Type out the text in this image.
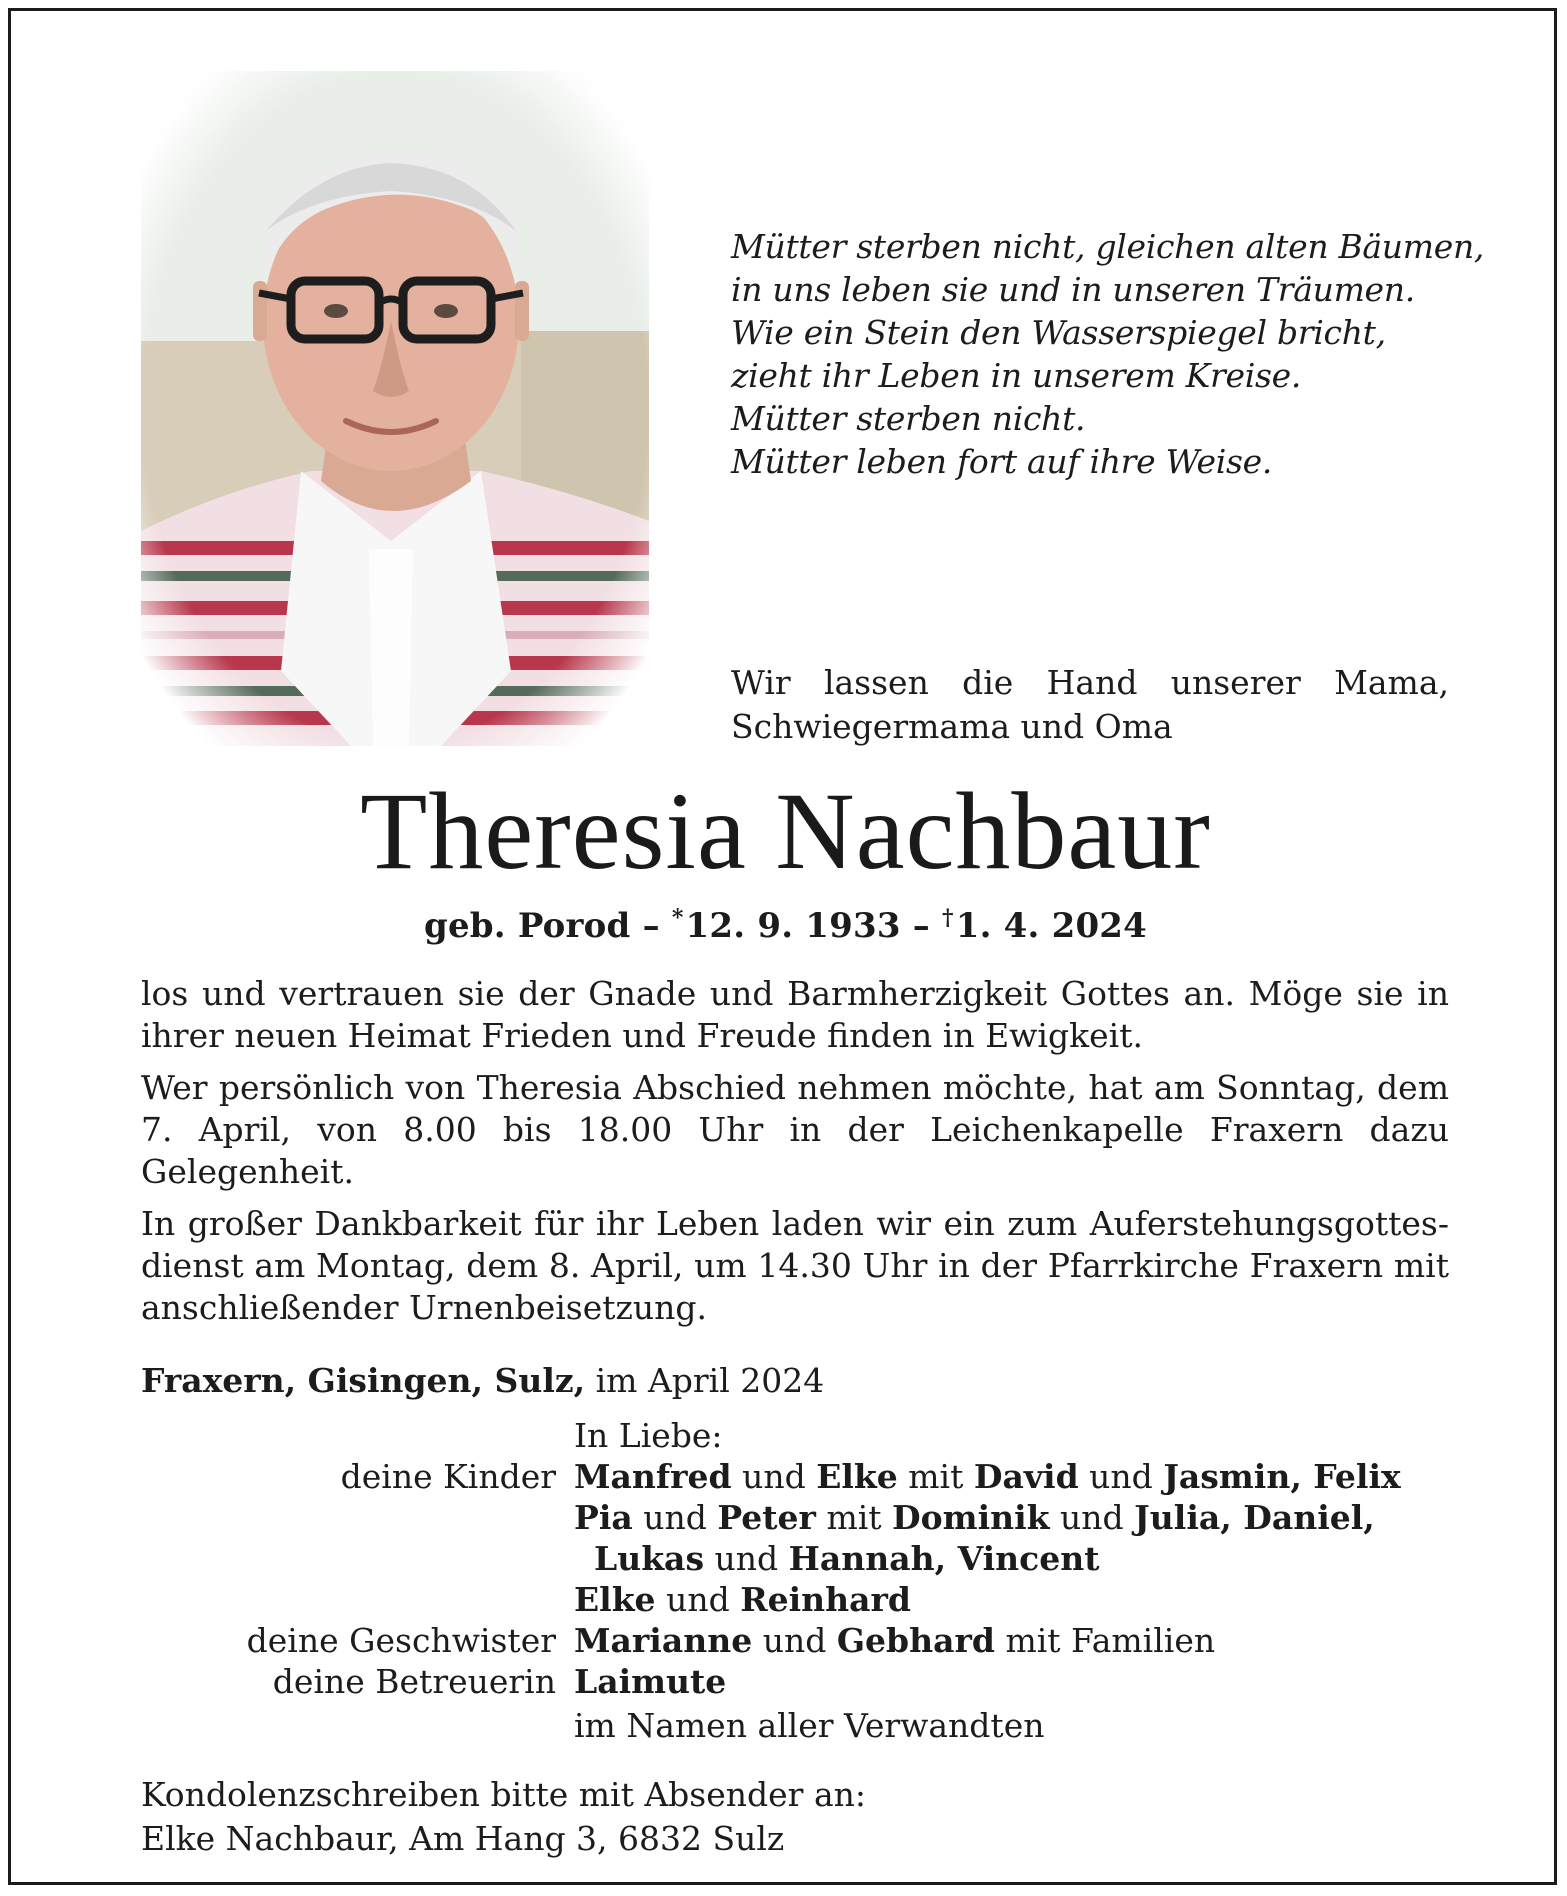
Mütter sterben nicht, gleichen alten Bäumen,
in uns leben sie und in unseren Träumen.
Wie ein Stein den Wasserspiegel bricht,
zieht ihr Leben in unserem Kreise.
Mütter sterben nicht.
Mütter leben fort auf ihre Weise.
Wir lassen die Hand unserer Mama,
Schwiegermama und Oma
Theresia Nachbaur
geb. Porod – *12. 9. 1933 – †1. 4. 2024

los und vertrauen sie der Gnade und Barmherzigkeit Gottes an. Möge sie in ihrer neuen Heimat Frieden und Freude finden in Ewigkeit.

Wer persönlich von Theresia Abschied nehmen möchte, hat am Sonntag, dem 7. April, von 8.00 bis 18.00 Uhr in der Leichenkapelle Fraxern dazu Gelegenheit.

In großer Dankbarkeit für ihr Leben laden wir ein zum Auferstehungsgottesdienst am Montag, dem 8. April, um 14.30 Uhr in der Pfarrkirche Fraxern mit anschließender Urnenbeisetzung.

Fraxern, Gisingen, Sulz, im April 2024
In Liebe:
deine Kinder Manfred und Elke mit David und Jasmin, Felix
Pia und Peter mit Dominik und Julia, Daniel,
Lukas und Hannah, Vincent
Elke und Reinhard
deine Geschwister Marianne und Gebhard mit Familien
deine Betreuerin Laimute
im Namen aller Verwandten
Kondolenzschreiben bitte mit Absender an:
Elke Nachbaur, Am Hang 3, 6832 Sulz
